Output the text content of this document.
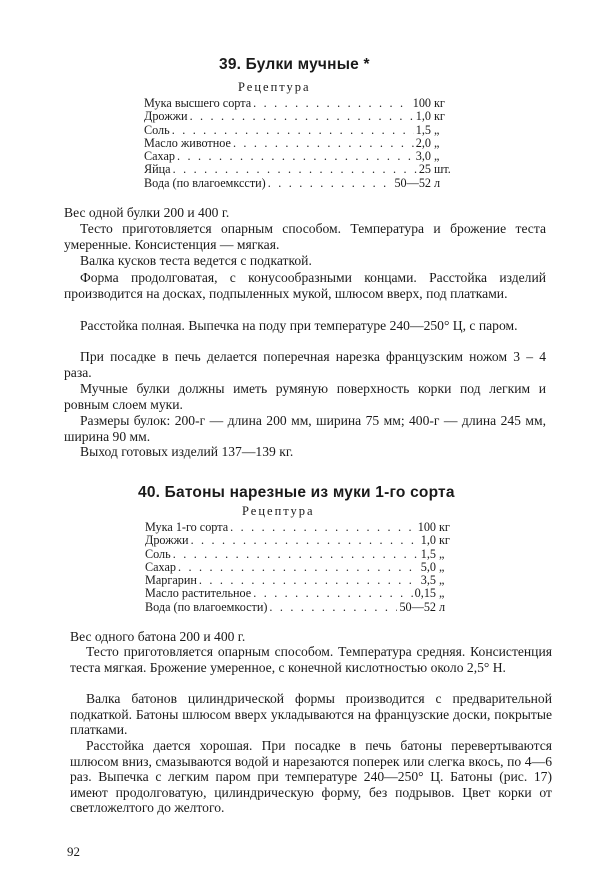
39. Булки мучные *
Рецептура
Мука высшего сорта . . .	100 кг
Дрожжи . . .	1,0 кг
Соль . . .	1,5 „
Масло животное . . .	2,0 „
Сахар . . .	3,0 „
Яйца . . .	25 шт.
Вода (по влагоемкссти) . . .	50—52 л

Вес одной булки 200 и 400 г.

Тесто приготовляется опарным способом. Температура и брожение теста умеренные. Консистенция — мягкая.

Валка кусков теста ведется с подкаткой.

Форма продолговатая, с конусообразными концами. Расстойка изделий производится на досках, подпыленных мукой, шлюсом вверх, под платками.

Расстойка полная. Выпечка на поду при температуре 240—250° Ц, с паром.

При посадке в печь делается поперечная нарезка французским ножом 3 – 4 раза.

Мучные булки должны иметь румяную поверхность корки под легким и ровным слоем муки.

Размеры булок: 200-г — длина 200 мм, ширина 75 мм; 400-г — длина 245 мм, ширина 90 мм.

Выход готовых изделий 137—139 кг.

40. Батоны нарезные из муки 1-го сорта
Рецептура
Мука 1-го сорта . . .	100 кг
Дрожжи . . .	1,0 кг
Соль . . .	1,5 „
Сахар . . .	5,0 „
Маргарин . . .	3,5 „
Масло растительное . . .	0,15 „
Вода (по влагоемкости) . . .	50—52 л

Вес одного батона 200 и 400 г.

Тесто приготовляется опарным способом. Температура средняя. Консистенция теста мягкая. Брожение умеренное, с конечной кислотностью около 2,5° Н.

Валка батонов цилиндрической формы производится с предварительной подкаткой. Батоны шлюсом вверх укладываются на французские доски, покрытые платками.

Расстойка дается хорошая. При посадке в печь батоны перевертываются шлюсом вниз, смазываются водой и нарезаются поперек или слегка вкось, по 4—6 раз. Выпечка с легким паром при температуре 240—250° Ц. Батоны (рис. 17) имеют продолговатую, цилиндрическую форму, без подрывов. Цвет корки от светложелтого до желтого.

92
